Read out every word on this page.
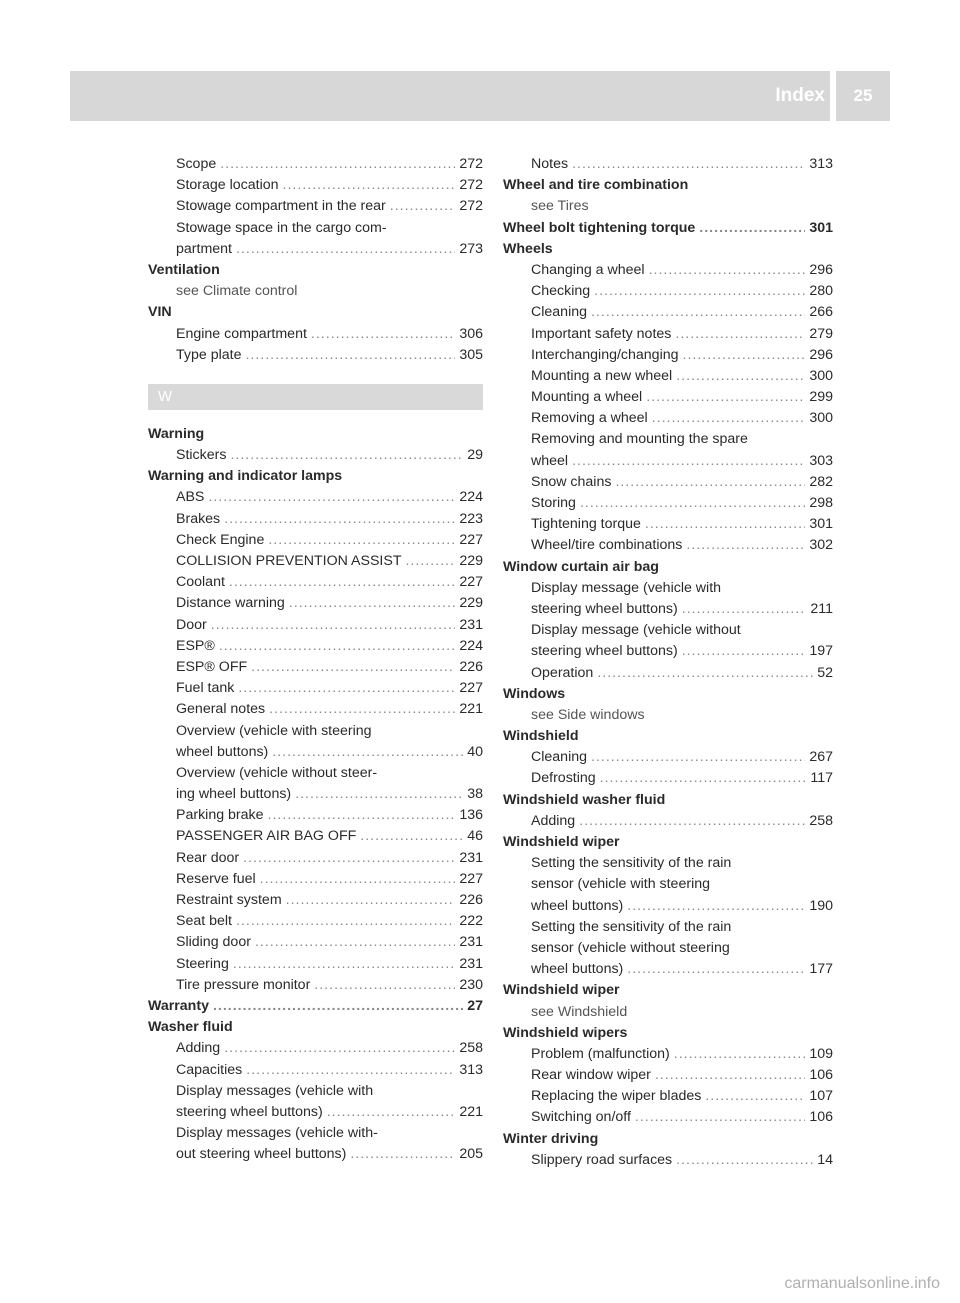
Index	25
Scope .....	272
Storage location .....	272
Stowage compartment in the rear .....	272
Stowage space in the cargo com-
partment .....	273
Ventilation
see Climate control
VIN
Engine compartment .....	306
Type plate .....	305
W
Warning
Stickers .....	29
Warning and indicator lamps
ABS .....	224
Brakes .....	223
Check Engine .....	227
COLLISION PREVENTION ASSIST .....	229
Coolant .....	227
Distance warning .....	229
Door .....	231
ESP® .....	224
ESP® OFF .....	226
Fuel tank .....	227
General notes .....	221
Overview (vehicle with steering
wheel buttons) .....	40
Overview (vehicle without steer-
ing wheel buttons) .....	38
Parking brake .....	136
PASSENGER AIR BAG OFF .....	46
Rear door .....	231
Reserve fuel .....	227
Restraint system .....	226
Seat belt .....	222
Sliding door .....	231
Steering .....	231
Tire pressure monitor .....	230
Warranty .....	27
Washer fluid
Adding .....	258
Capacities .....	313
Display messages (vehicle with
steering wheel buttons) .....	221
Display messages (vehicle with-
out steering wheel buttons) .....	205
Notes .....	313
Wheel and tire combination
see Tires
Wheel bolt tightening torque .....	301
Wheels
Changing a wheel .....	296
Checking .....	280
Cleaning .....	266
Important safety notes .....	279
Interchanging/changing .....	296
Mounting a new wheel .....	300
Mounting a wheel .....	299
Removing a wheel .....	300
Removing and mounting the spare
wheel .....	303
Snow chains .....	282
Storing .....	298
Tightening torque .....	301
Wheel/tire combinations .....	302
Window curtain air bag
Display message (vehicle with
steering wheel buttons) .....	211
Display message (vehicle without
steering wheel buttons) .....	197
Operation .....	52
Windows
see Side windows
Windshield
Cleaning .....	267
Defrosting .....	117
Windshield washer fluid
Adding .....	258
Windshield wiper
Setting the sensitivity of the rain
sensor (vehicle with steering
wheel buttons) .....	190
Setting the sensitivity of the rain
sensor (vehicle without steering
wheel buttons) .....	177
Windshield wiper
see Windshield
Windshield wipers
Problem (malfunction) .....	109
Rear window wiper .....	106
Replacing the wiper blades .....	107
Switching on/off .....	106
Winter driving
Slippery road surfaces .....	14
carmanualsonline.info
